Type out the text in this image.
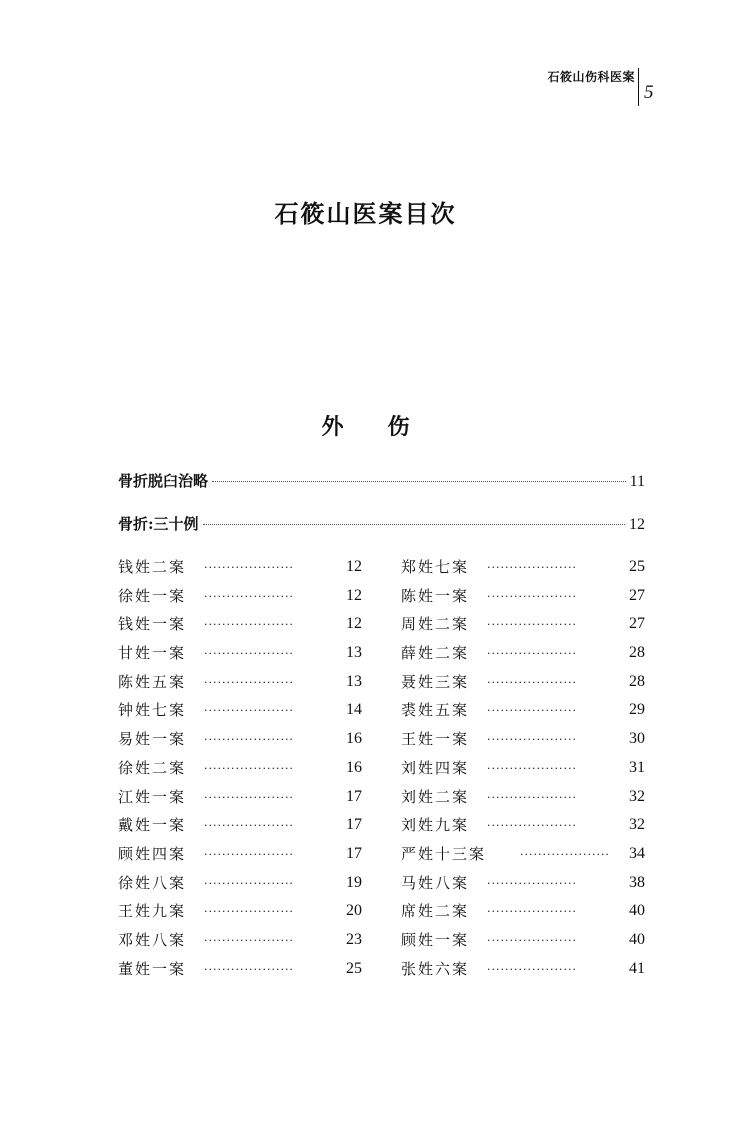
石筱山伤科医案
5
石筱山医案目次
外 伤
骨折脱臼治略	11
骨折:三十例	12
钱姓二案 ····················	12
徐姓一案 ····················	12
钱姓一案 ····················	12
甘姓一案 ····················	13
陈姓五案 ····················	13
钟姓七案 ····················	14
易姓一案 ····················	16
徐姓二案 ····················	16
江姓一案 ····················	17
戴姓一案 ····················	17
顾姓四案 ····················	17
徐姓八案 ····················	19
王姓九案 ····················	20
邓姓八案 ····················	23
董姓一案 ····················	25
郑姓七案 ····················	25
陈姓一案 ····················	27
周姓二案 ····················	27
薛姓二案 ····················	28
聂姓三案 ····················	28
裘姓五案 ····················	29
王姓一案 ····················	30
刘姓四案 ····················	31
刘姓二案 ····················	32
刘姓九案 ····················	32
严姓十三案	····················	34
马姓八案 ····················	38
席姓二案 ····················	40
顾姓一案 ····················	40
张姓六案 ····················	41
